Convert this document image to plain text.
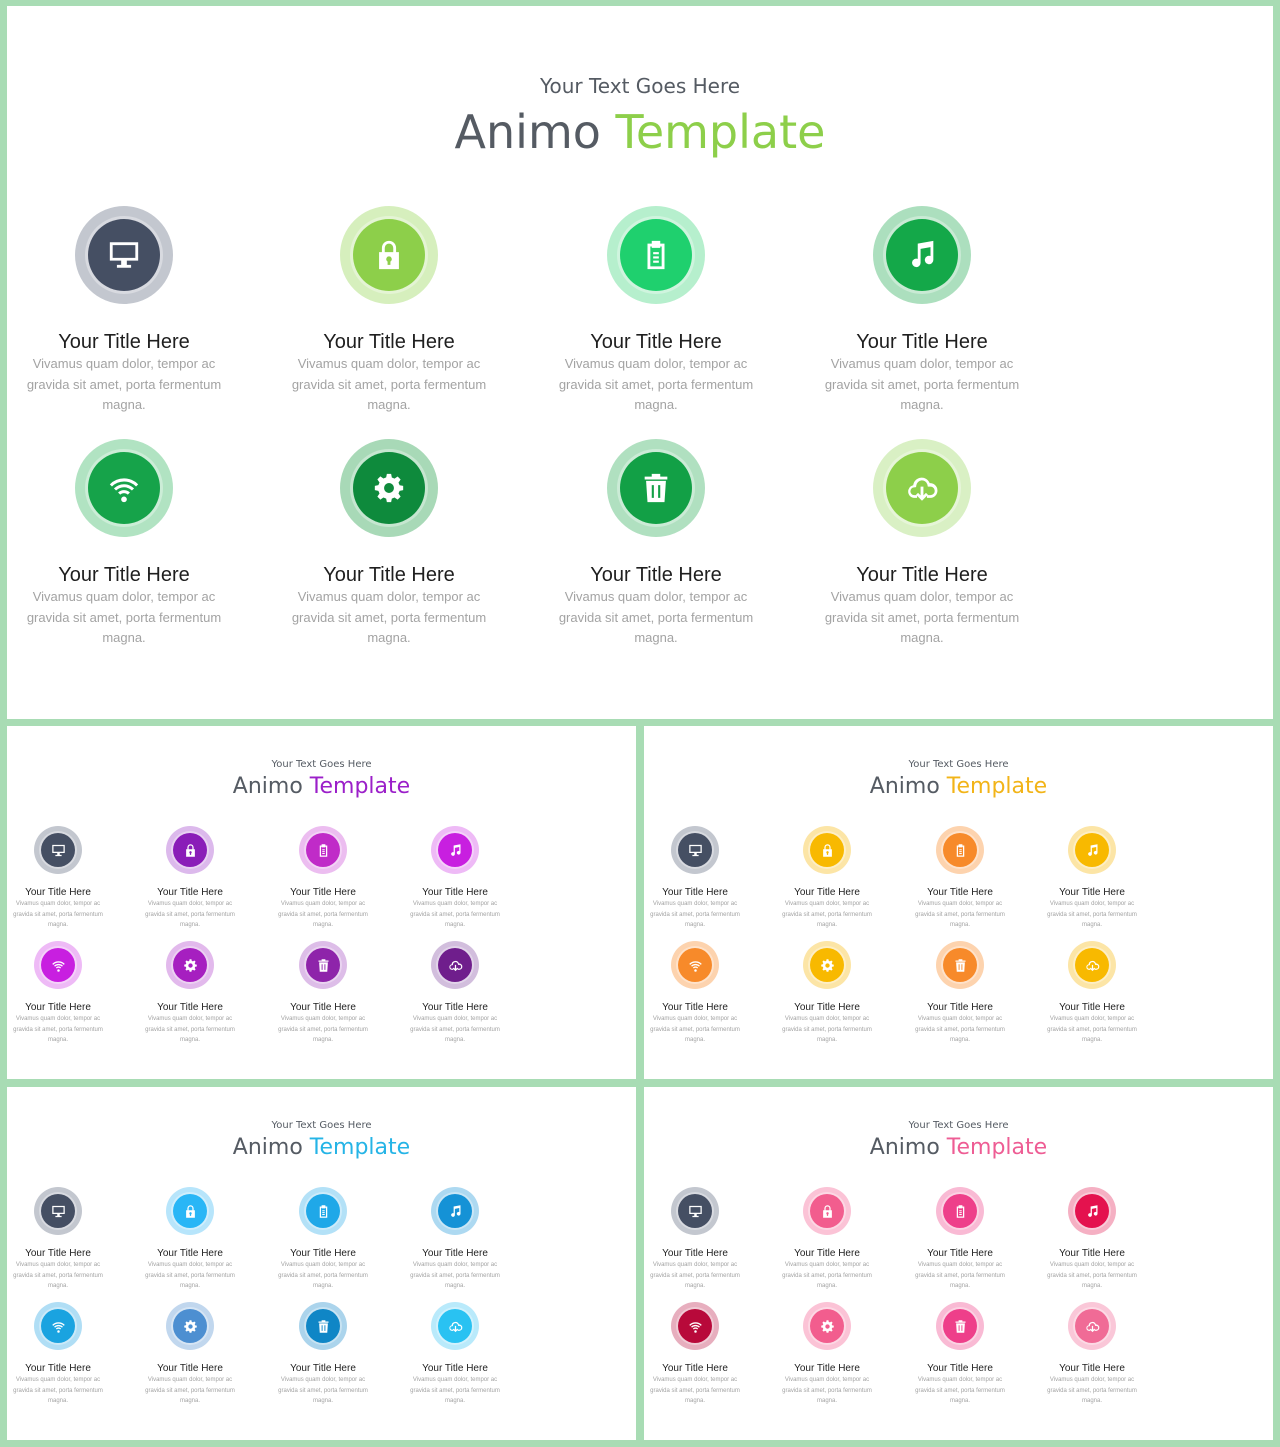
Your Text Goes Here
Animo Template

Your Title Here

Vivamus quam dolor, tempor ac gravida sit amet, porta fermentum magna.

Your Title Here

Vivamus quam dolor, tempor ac gravida sit amet, porta fermentum magna.

Your Title Here

Vivamus quam dolor, tempor ac gravida sit amet, porta fermentum magna.

Your Title Here

Vivamus quam dolor, tempor ac gravida sit amet, porta fermentum magna.

Your Title Here

Vivamus quam dolor, tempor ac gravida sit amet, porta fermentum magna.

Your Title Here

Vivamus quam dolor, tempor ac gravida sit amet, porta fermentum magna.

Your Title Here

Vivamus quam dolor, tempor ac gravida sit amet, porta fermentum magna.

Your Title Here

Vivamus quam dolor, tempor ac gravida sit amet, porta fermentum magna.

Your Text Goes Here
Animo Template

Your Title Here

Vivamus quam dolor, tempor ac gravida sit amet, porta fermentum magna.

Your Title Here

Vivamus quam dolor, tempor ac gravida sit amet, porta fermentum magna.

Your Title Here

Vivamus quam dolor, tempor ac gravida sit amet, porta fermentum magna.

Your Title Here

Vivamus quam dolor, tempor ac gravida sit amet, porta fermentum magna.

Your Title Here

Vivamus quam dolor, tempor ac gravida sit amet, porta fermentum magna.

Your Title Here

Vivamus quam dolor, tempor ac gravida sit amet, porta fermentum magna.

Your Title Here

Vivamus quam dolor, tempor ac gravida sit amet, porta fermentum magna.

Your Title Here

Vivamus quam dolor, tempor ac gravida sit amet, porta fermentum magna.

Your Text Goes Here
Animo Template

Your Title Here

Vivamus quam dolor, tempor ac gravida sit amet, porta fermentum magna.

Your Title Here

Vivamus quam dolor, tempor ac gravida sit amet, porta fermentum magna.

Your Title Here

Vivamus quam dolor, tempor ac gravida sit amet, porta fermentum magna.

Your Title Here

Vivamus quam dolor, tempor ac gravida sit amet, porta fermentum magna.

Your Title Here

Vivamus quam dolor, tempor ac gravida sit amet, porta fermentum magna.

Your Title Here

Vivamus quam dolor, tempor ac gravida sit amet, porta fermentum magna.

Your Title Here

Vivamus quam dolor, tempor ac gravida sit amet, porta fermentum magna.

Your Title Here

Vivamus quam dolor, tempor ac gravida sit amet, porta fermentum magna.

Your Text Goes Here
Animo Template

Your Title Here

Vivamus quam dolor, tempor ac gravida sit amet, porta fermentum magna.

Your Title Here

Vivamus quam dolor, tempor ac gravida sit amet, porta fermentum magna.

Your Title Here

Vivamus quam dolor, tempor ac gravida sit amet, porta fermentum magna.

Your Title Here

Vivamus quam dolor, tempor ac gravida sit amet, porta fermentum magna.

Your Title Here

Vivamus quam dolor, tempor ac gravida sit amet, porta fermentum magna.

Your Title Here

Vivamus quam dolor, tempor ac gravida sit amet, porta fermentum magna.

Your Title Here

Vivamus quam dolor, tempor ac gravida sit amet, porta fermentum magna.

Your Title Here

Vivamus quam dolor, tempor ac gravida sit amet, porta fermentum magna.

Your Text Goes Here
Animo Template

Your Title Here

Vivamus quam dolor, tempor ac gravida sit amet, porta fermentum magna.

Your Title Here

Vivamus quam dolor, tempor ac gravida sit amet, porta fermentum magna.

Your Title Here

Vivamus quam dolor, tempor ac gravida sit amet, porta fermentum magna.

Your Title Here

Vivamus quam dolor, tempor ac gravida sit amet, porta fermentum magna.

Your Title Here

Vivamus quam dolor, tempor ac gravida sit amet, porta fermentum magna.

Your Title Here

Vivamus quam dolor, tempor ac gravida sit amet, porta fermentum magna.

Your Title Here

Vivamus quam dolor, tempor ac gravida sit amet, porta fermentum magna.

Your Title Here

Vivamus quam dolor, tempor ac gravida sit amet, porta fermentum magna.
